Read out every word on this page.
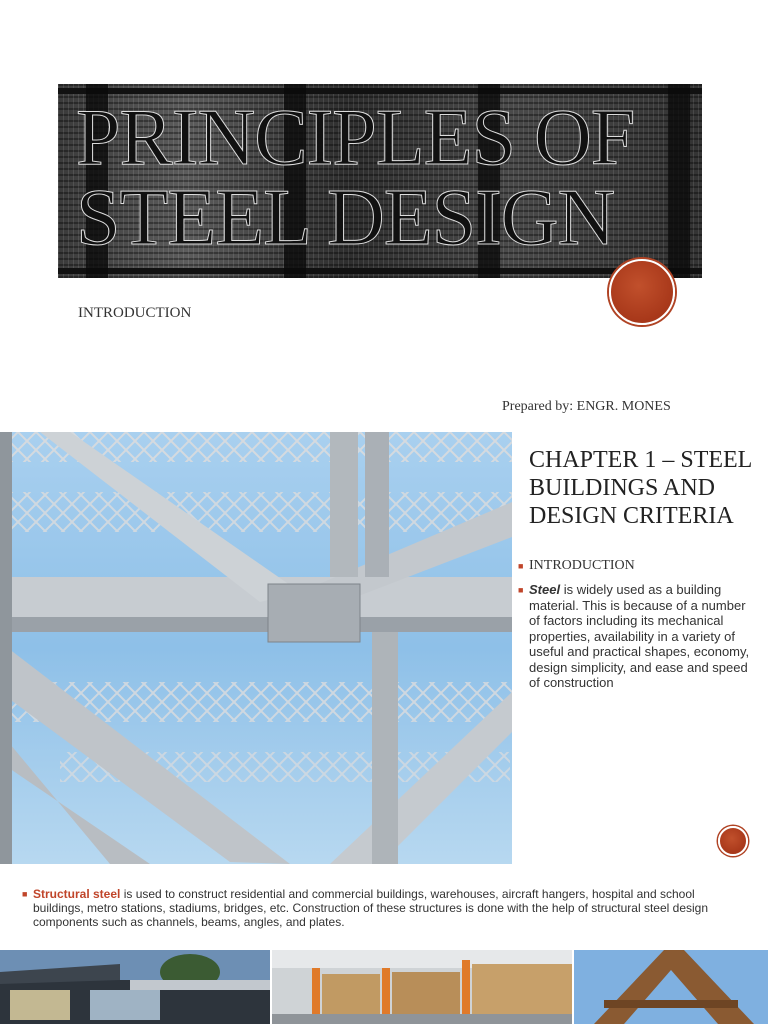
PRINCIPLES OF STEEL DESIGN
INTRODUCTION
Prepared by: ENGR. MONES
CHAPTER 1 – STEEL BUILDINGS AND DESIGN CRITERIA
■ INTRODUCTION
■ Steel is widely used as a building material. This is because of a number of factors including its mechanical properties, availability in a variety of useful and practical shapes, economy, design simplicity, and ease and speed of construction
■ Structural steel is used to construct residential and commercial buildings, warehouses, aircraft hangers, hospital and school buildings, metro stations, stadiums, bridges, etc. Construction of these structures is done with the help of structural steel design components such as channels, beams, angles, and plates.
